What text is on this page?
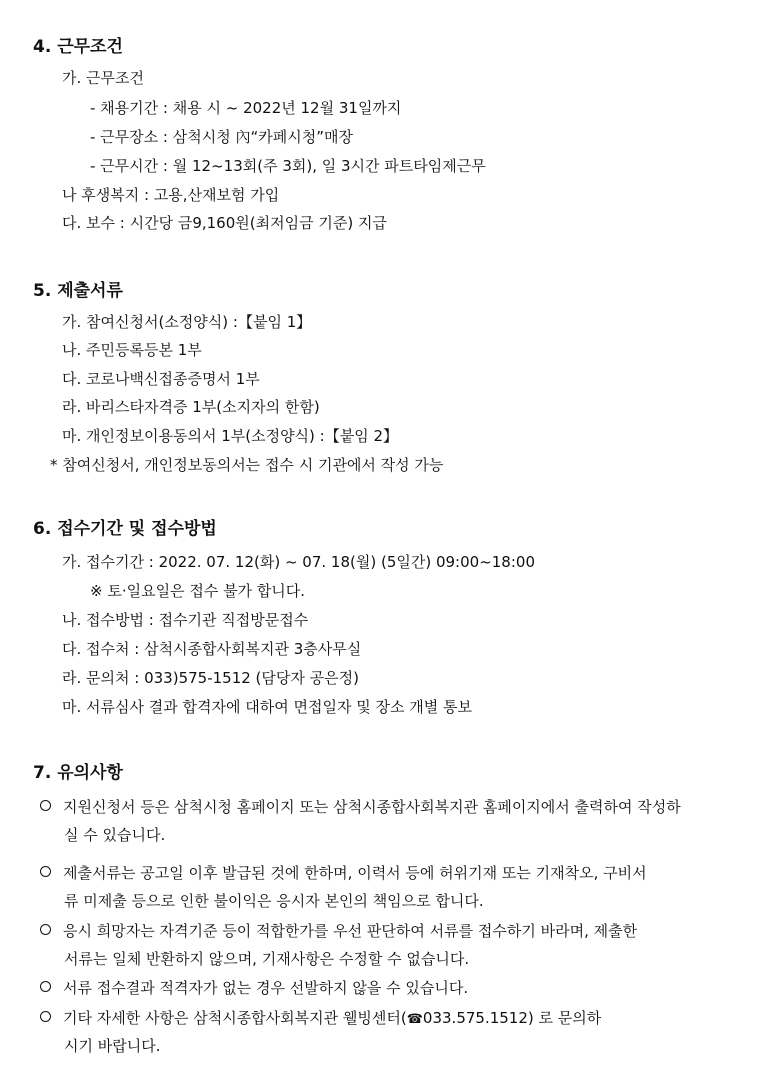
4. 근무조건
가. 근무조건
- 채용기간 : 채용 시 ~ 2022년 12월 31일까지
- 근무장소 : 삼척시청 內“카페시청”매장
- 근무시간 : 월 12~13회(주 3회), 일 3시간 파트타임제근무
나 후생복지 : 고용,산재보험 가입
다. 보수 : 시간당 금9,160원(최저임금 기준) 지급
5. 제출서류
가. 참여신청서(소정양식) :【붙임 1】
나. 주민등록등본 1부
다. 코로나백신접종증명서 1부
라. 바리스타자격증 1부(소지자의 한함)
마. 개인정보이용동의서 1부(소정양식) :【붙임 2】
* 참여신청서, 개인정보동의서는 접수 시 기관에서 작성 가능
6. 접수기간 및 접수방법
가. 접수기간 : 2022. 07. 12(화) ~ 07. 18(월) (5일간) 09:00~18:00
※ 토·일요일은 접수 불가 합니다.
나. 접수방법 : 접수기관 직접방문접수
다. 접수처 : 삼척시종합사회복지관 3층사무실
라. 문의처 : 033)575-1512 (담당자 공은정)
마. 서류심사 결과 합격자에 대하여 면접일자 및 장소 개별 통보
7. 유의사항
지원신청서 등은 삼척시청 홈페이지 또는 삼척시종합사회복지관 홈페이지에서 출력하여 작성하
실 수 있습니다.
제출서류는 공고일 이후 발급된 것에 한하며, 이력서 등에 허위기재 또는 기재착오, 구비서
류 미제출 등으로 인한 불이익은 응시자 본인의 책임으로 합니다.
응시 희망자는 자격기준 등이 적합한가를 우선 판단하여 서류를 접수하기 바라며, 제출한
서류는 일체 반환하지 않으며, 기재사항은 수정할 수 없습니다.
서류 접수결과 적격자가 없는 경우 선발하지 않을 수 있습니다.
기타 자세한 사항은 삼척시종합사회복지관 웰빙센터(☎033.575.1512) 로 문의하
시기 바랍니다.
